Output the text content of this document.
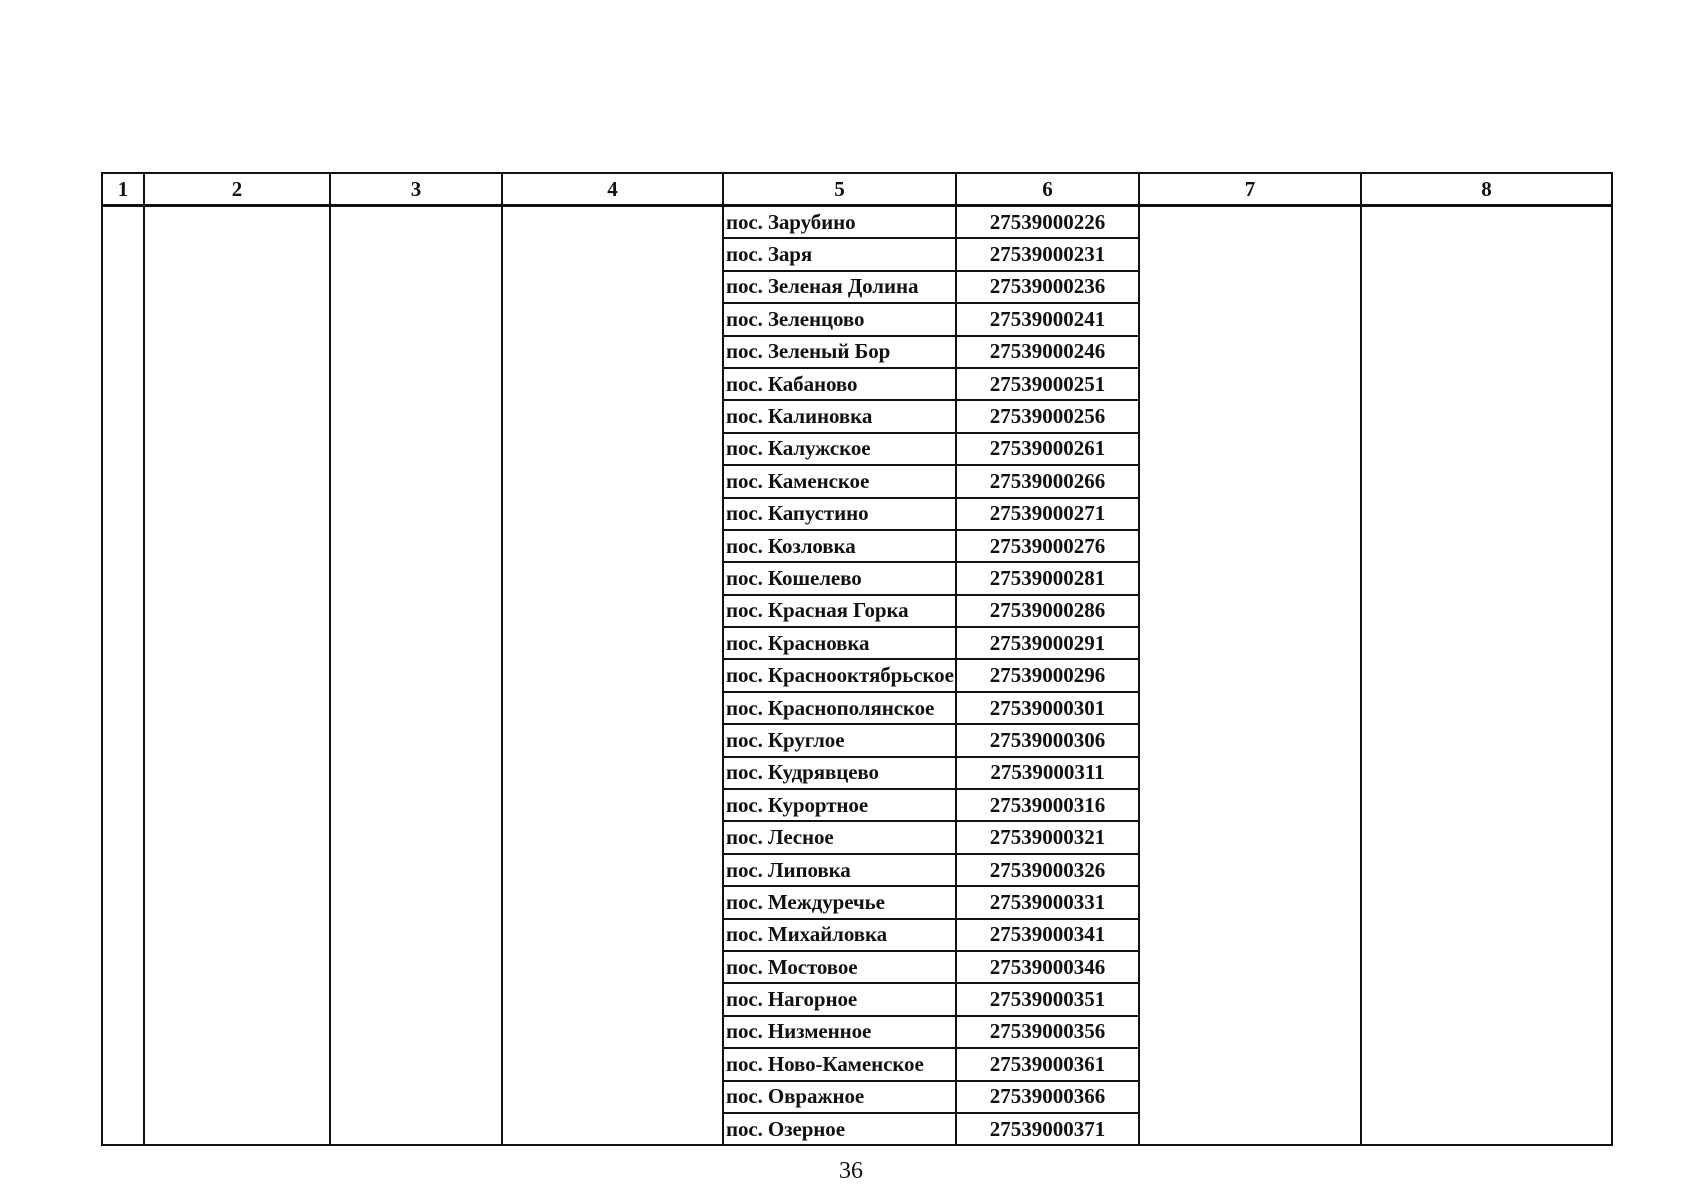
1	2	3	4	5	6	7	8
				пос. Зарубино	27539000226		
				пос. Заря	27539000231		
				пос. Зеленая Долина	27539000236		
				пос. Зеленцово	27539000241		
				пос. Зеленый Бор	27539000246		
				пос. Кабаново	27539000251		
				пос. Калиновка	27539000256		
				пос. Калужское	27539000261		
				пос. Каменское	27539000266		
				пос. Капустино	27539000271		
				пос. Козловка	27539000276		
				пос. Кошелево	27539000281		
				пос. Красная Горка	27539000286		
				пос. Красновка	27539000291		
				пос. Краснооктябрьское	27539000296		
				пос. Краснополянское	27539000301		
				пос. Круглое	27539000306		
				пос. Кудрявцево	27539000311		
				пос. Курортное	27539000316		
				пос. Лесное	27539000321		
				пос. Липовка	27539000326		
				пос. Междуречье	27539000331		
				пос. Михайловка	27539000341		
				пос. Мостовое	27539000346		
				пос. Нагорное	27539000351		
				пос. Низменное	27539000356		
				пос. Ново-Каменское	27539000361		
				пос. Овражное	27539000366		
				пос. Озерное	27539000371		
36
